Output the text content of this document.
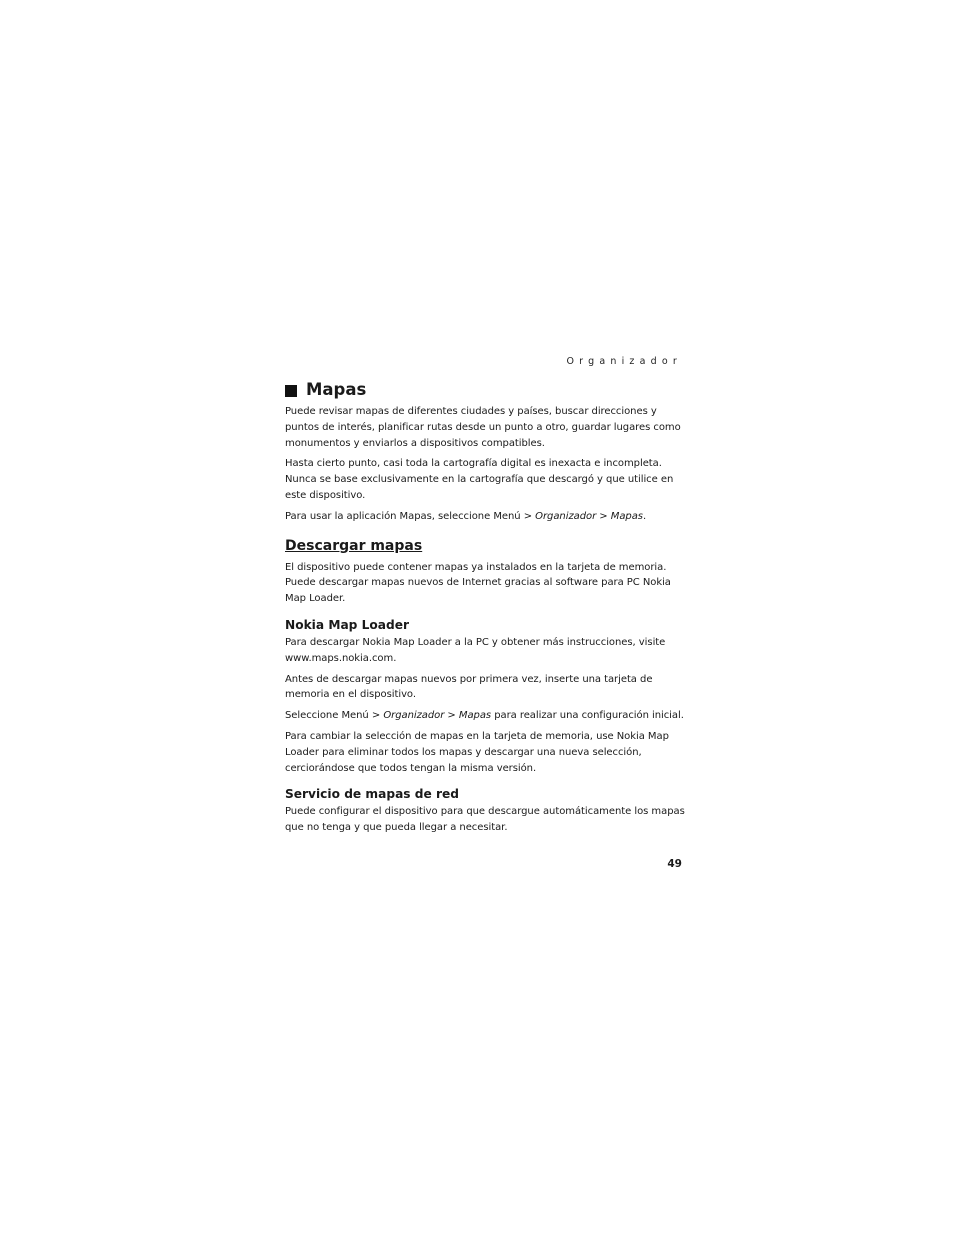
Organizador
Mapas

Puede revisar mapas de diferentes ciudades y países, buscar direcciones y puntos de interés, planificar rutas desde un punto a otro, guardar lugares como monumentos y enviarlos a dispositivos compatibles.

Hasta cierto punto, casi toda la cartografía digital es inexacta e incompleta. Nunca se base exclusivamente en la cartografía que descargó y que utilice en este dispositivo.

Para usar la aplicación Mapas, seleccione Menú > Organizador > Mapas.

Descargar mapas

El dispositivo puede contener mapas ya instalados en la tarjeta de memoria. Puede descargar mapas nuevos de Internet gracias al software para PC Nokia Map Loader.

Nokia Map Loader

Para descargar Nokia Map Loader a la PC y obtener más instrucciones, visite www.maps.nokia.com.

Antes de descargar mapas nuevos por primera vez, inserte una tarjeta de memoria en el dispositivo.

Seleccione Menú > Organizador > Mapas para realizar una configuración inicial.

Para cambiar la selección de mapas en la tarjeta de memoria, use Nokia Map Loader para eliminar todos los mapas y descargar una nueva selección, cerciorándose que todos tengan la misma versión.

Servicio de mapas de red

Puede configurar el dispositivo para que descargue automáticamente los mapas que no tenga y que pueda llegar a necesitar.

49
